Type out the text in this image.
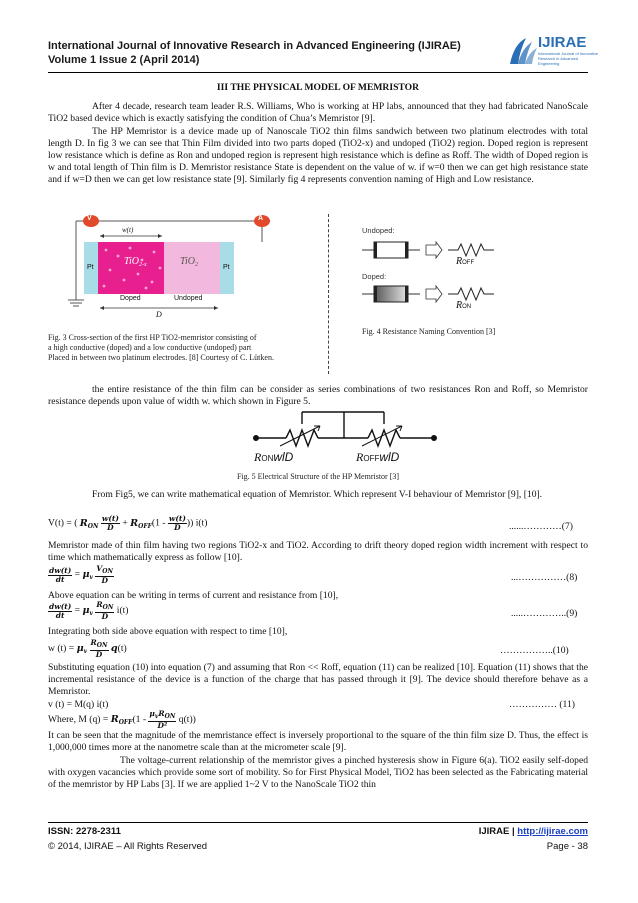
International Journal of Innovative Research in Advanced Engineering (IJIRAE)
Volume 1 Issue 2 (April 2014)
IJIRAE
International Journal of Innovative Research in Advanced Engineering
III THE PHYSICAL MODEL OF MEMRISTOR
After 4 decade, research team leader R.S. Williams, Who is working at HP labs, announced that they had fabricated NanoScale TiO2 based device which is exactly satisfying the condition of Chua’s Memristor [9].
The HP Memristor is a device made up of Nanoscale TiO2 thin films sandwich between two platinum electrodes with total length D. In fig 3 we can see that Thin Film divided into two parts doped (TiO2-x) and undoped (TiO2) region. Doped region is represent low resistance which is define as Ron and undoped region is represent high resistance which is define as Roff. The width of Doped region is w and total length of Thin film is D. Memristor resistance State is dependent on the value of w. if w=0 then we can get high resistance state and if w=D then we can get low resistance state [9]. Similarly fig 4 represents convention naming of High and Low resistance.
V	A
w(t)
Pt	Pt
TiO$_{2-x}$	TiO$_2$
Doped	Undoped
D
Fig. 3 Cross-section of the first HP TiO2-memristor consisting of
a high conductive (doped) and a low conductive (undoped) part
Placed in between two platinum electrodes. [8] Courtesy of C. Lütken.
Undoped:
Doped:
ROFF
RON
Fig. 4 Resistance Naming Convention [3]
the entire resistance of the thin film can be consider as series combinations of two resistances Ron and Roff, so Memristor resistance depends upon value of width w. which shown in Figure 5.
RONwlD	ROFFwlD
Fig. 5 Electrical Structure of the HP Memristor [3]
From Fig5, we can write mathematical equation of Memristor. Which represent V-I behaviour of Memristor [9], [10].
V(t) = ( $R_{ON} \frac{w(t)}{D} + R_{OFF}(1 - \frac{w(t)}{D}$ )) i(t)	......…………(7)
Memristor made of thin film having two regions TiO2-x and TiO2. According to drift theory doped region width increment with respect to time which mathematically express as follow [10].
$\frac{dw(t)}{dt} = \mu_v \frac{V_{ON}}{D}$	...……………(8)
Above equation can be writing in terms of current and resistance from [10],
$\frac{dw(t)}{dt} = \mu_v \frac{R_{ON}}{D} i(t)$	.....…………..(9)
Integrating both side above equation with respect to time [10],
w $(t) = \mu_v \frac{R_{ON}}{D} q(t)$	……………..(10)
Substituting equation (10) into equation (7) and assuming that Ron << Roff, equation (11) can be realized [10]. Equation (11) shows that the incremental resistance of the device is a function of the charge that has passed through it [9]. The device should therefore behave as a Memristor.
v (t) = M(q) i(t)	…………… (11)
Where, M $(q) = R_{OFF}(1 - \frac{\mu_vR_{ON}}{\text{D²}} q(t))$
It can be seen that the magnitude of the memristance effect is inversely proportional to the square of the thin film size D. Thus, the effect is 1,000,000 times more at the nanometre scale than at the micrometer scale [9].
The voltage-current relationship of the memristor gives a pinched hysteresis show in Figure 6(a). TiO2 easily self-doped with oxygen vacancies which provide some sort of mobility. So for First Physical Model, TiO2 has been selected as the Fabricating material of the memristor by HP Labs [3]. If we are applied 1~2 V to the NanoScale TiO2 thin
ISSN: 2278-2311
© 2014, IJIRAE – All Rights Reserved
IJIRAE | http://ijirae.com
Page - 38
